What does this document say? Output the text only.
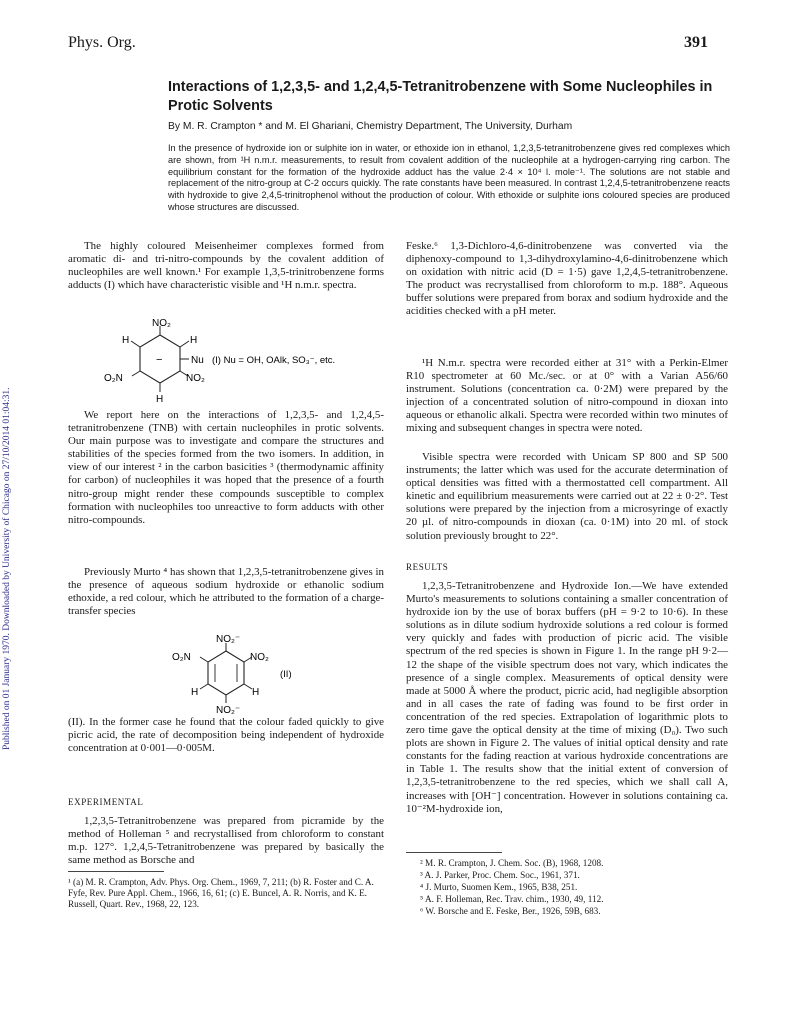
Published on 01 January 1970. Downloaded by University of Chicago on 27/10/2014 01:04:31.
Phys. Org.	391
Interactions of 1,2,3,5- and 1,2,4,5-Tetranitrobenzene with Some Nucleophiles in Protic Solvents
By M. R. Crampton * and M. El Ghariani, Chemistry Department, The University, Durham
In the presence of hydroxide ion or sulphite ion in water, or ethoxide ion in ethanol, 1,2,3,5-tetranitrobenzene gives red complexes which are shown, from ¹H n.m.r. measurements, to result from covalent addition of the nucleophile at a hydrogen-carrying ring carbon. The equilibrium constant for the formation of the hydroxide adduct has the value 2·4 × 10⁴ l. mole⁻¹. The solutions are not stable and replacement of the nitro-group at C-2 occurs quickly. The rate constants have been measured. In contrast 1,2,4,5-tetranitrobenzene reacts with hydroxide to give 2,4,5-trinitrophenol without the production of colour. With ethoxide or sulphite ions coloured species are produced whose structures are discussed.

The highly coloured Meisenheimer complexes formed from aromatic di- and tri-nitro-compounds by the covalent addition of nucleophiles are well known.¹ For example 1,3,5-trinitrobenzene forms adducts (I) which have characteristic visible and ¹H n.m.r. spectra.

NO₂
H	H
Nu
O₂N	NO₂
H
(I) Nu = OH, OAlk, SO₃⁻, etc.
−

We report here on the interactions of 1,2,3,5- and 1,2,4,5-tetranitrobenzene (TNB) with certain nucleophiles in protic solvents. Our main purpose was to investigate and compare the structures and stabilities of the species formed from the two isomers. In addition, in view of our interest ² in the carbon basicities ³ (thermodynamic affinity for carbon) of nucleophiles it was hoped that the presence of a fourth nitro-group might render these compounds susceptible to complex formation with nucleophiles too unreactive to form adducts with other nitro-compounds.

Previously Murto ⁴ has shown that 1,2,3,5-tetranitrobenzene gives in the presence of aqueous sodium hydroxide or ethanolic sodium ethoxide, a red colour, which he attributed to the formation of a charge-transfer species

NO₂⁻
O₂N	NO₂
H	H
NO₂⁻
(II)

(II). In the former case he found that the colour faded quickly to give picric acid, the rate of decomposition being independent of hydroxide concentration at 0·001—0·005M.

EXPERIMENTAL

1,2,3,5-Tetranitrobenzene was prepared from picramide by the method of Holleman ⁵ and recrystallised from chloroform to constant m.p. 127°. 1,2,4,5-Tetranitrobenzene was prepared by basically the same method as Borsche and

¹ (a) M. R. Crampton, Adv. Phys. Org. Chem., 1969, 7, 211; (b) R. Foster and C. A. Fyfe, Rev. Pure Appl. Chem., 1966, 16, 61; (c) E. Buncel, A. R. Norris, and K. E. Russell, Quart. Rev., 1968, 22, 123.

Feske.⁶ 1,3-Dichloro-4,6-dinitrobenzene was converted via the diphenoxy-compound to 1,3-dihydroxylamino-4,6-dinitrobenzene which on oxidation with nitric acid (D = 1·5) gave 1,2,4,5-tetranitrobenzene. The product was recrystallised from chloroform to m.p. 188°. Aqueous buffer solutions were prepared from borax and sodium hydroxide and the acidities checked with a pH meter.

¹H N.m.r. spectra were recorded either at 31° with a Perkin-Elmer R10 spectrometer at 60 Mc./sec. or at 0° with a Varian A56/60 instrument. Solutions (concentration ca. 0·2M) were prepared by the injection of a concentrated solution of nitro-compound in dioxan into aqueous or ethanolic alkali. Spectra were recorded within two minutes of mixing and subsequent changes in spectra were noted.

Visible spectra were recorded with Unicam SP 800 and SP 500 instruments; the latter which was used for the accurate determination of optical densities was fitted with a thermostatted cell compartment. All kinetic and equilibrium measurements were carried out at 22 ± 0·2°. Test solutions were prepared by the injection from a microsyringe of exactly 20 µl. of nitro-compounds in dioxan (ca. 0·1M) into 20 ml. of stock solution previously brought to 22°.

RESULTS

1,2,3,5-Tetranitrobenzene and Hydroxide Ion.—We have extended Murto's measurements to solutions containing a smaller concentration of hydroxide ion by the use of borax buffers (pH = 9·2 to 10·6). In these solutions as in dilute sodium hydroxide solutions a red colour is formed very quickly and fades with production of picric acid. The visible spectrum of the red species is shown in Figure 1. In the range pH 9·2—12 the shape of the visible spectrum does not vary, which indicates the presence of a single complex. Measurements of optical density were made at 5000 Å where the product, picric acid, had negligible absorption and in all cases the rate of fading was found to be first order in concentration of the red species. Extrapolation of logarithmic plots to zero time gave the optical density at the time of mixing (D₀). Two such plots are shown in Figure 2. The values of initial optical density and rate constants for the fading reaction at various hydroxide concentrations are in Table 1. The results show that the initial extent of conversion of 1,2,3,5-tetranitrobenzene to the red species, which we shall call A, increases with [OH⁻] concentration. However in solutions containing ca. 10⁻²M-hydroxide ion,

² M. R. Crampton, J. Chem. Soc. (B), 1968, 1208.
³ A. J. Parker, Proc. Chem. Soc., 1961, 371.
⁴ J. Murto, Suomen Kem., 1965, B38, 251.
⁵ A. F. Holleman, Rec. Trav. chim., 1930, 49, 112.
⁶ W. Borsche and E. Feske, Ber., 1926, 59B, 683.
